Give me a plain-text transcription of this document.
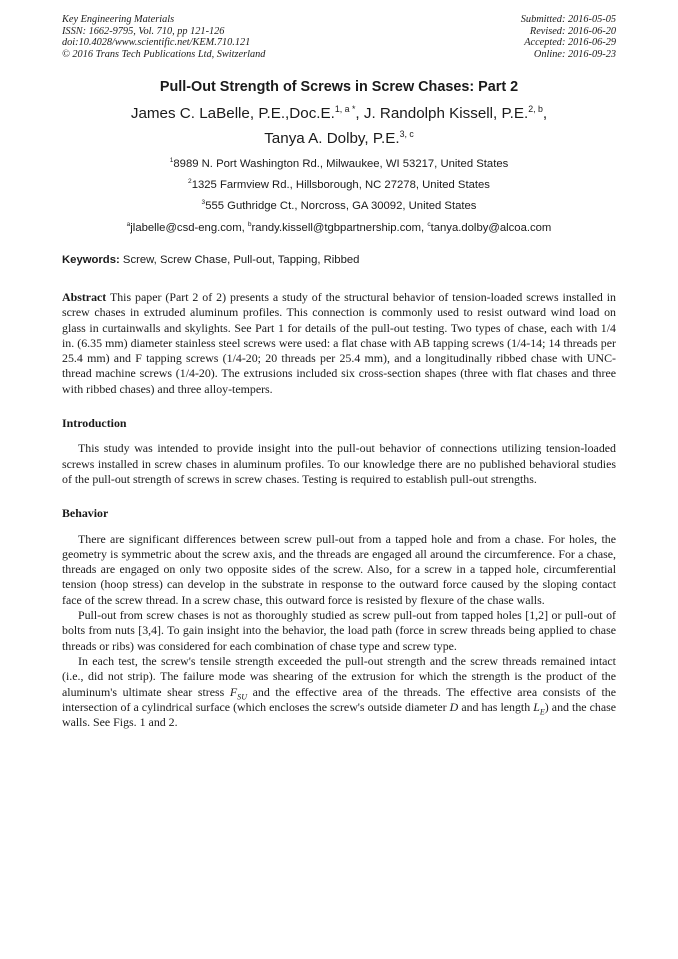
Key Engineering Materials
ISSN: 1662-9795, Vol. 710, pp 121-126
doi:10.4028/www.scientific.net/KEM.710.121
© 2016 Trans Tech Publications Ltd, Switzerland
Submitted: 2016-05-05
Revised: 2016-06-20
Accepted: 2016-06-29
Online: 2016-09-23
Pull-Out Strength of Screws in Screw Chases: Part 2
James C. LaBelle, P.E.,Doc.E.$^{1, a *}$, J. Randolph Kissell, P.E.$^{2, b}$,
Tanya A. Dolby, P.E.$^{3, c}$
$^1$8989 N. Port Washington Rd., Milwaukee, WI 53217, United States
$^2$1325 Farmview Rd., Hillsborough, NC 27278, United States
$^3$555 Guthridge Ct., Norcross, GA 30092, United States
$^a$jlabelle@csd-eng.com, $^b$randy.kissell@tgbpartnership.com, $^c$tanya.dolby@alcoa.com
Keywords: Screw, Screw Chase, Pull-out, Tapping, Ribbed

Abstract This paper (Part 2 of 2) presents a study of the structural behavior of tension-loaded screws installed in screw chases in extruded aluminum profiles. This connection is commonly used to resist outward wind load on glass in curtainwalls and skylights. See Part 1 for details of the pull-out testing. Two types of chase, each with 1/4 in. (6.35 mm) diameter stainless steel screws were used: a flat chase with AB tapping screws (1/4-14; 14 threads per 25.4 mm) and F tapping screws (1/4-20; 20 threads per 25.4 mm), and a longitudinally ribbed chase with UNC-thread machine screws (1/4-20). The extrusions included six cross-section shapes (three with flat chases and three with ribbed chases) and three alloy-tempers.

Introduction

This study was intended to provide insight into the pull-out behavior of connections utilizing tension-loaded screws installed in screw chases in aluminum profiles. To our knowledge there are no published behavioral studies of the pull-out strength of screws in screw chases. Testing is required to establish pull-out strengths.

Behavior

There are significant differences between screw pull-out from a tapped hole and from a chase. For holes, the geometry is symmetric about the screw axis, and the threads are engaged all around the circumference. For a chase, threads are engaged on only two opposite sides of the screw. Also, for a screw in a tapped hole, circumferential tension (hoop stress) can develop in the substrate in response to the outward force caused by the sloping contact face of the screw thread. In a screw chase, this outward force is resisted by flexure of the chase walls.

Pull-out from screw chases is not as thoroughly studied as screw pull-out from tapped holes [1,2] or pull-out of bolts from nuts [3,4]. To gain insight into the behavior, the load path (force in screw threads being applied to chase threads or ribs) was considered for each combination of chase type and screw type.

In each test, the screw's tensile strength exceeded the pull-out strength and the screw threads remained intact (i.e., did not strip). The failure mode was shearing of the extrusion for which the strength is the product of the aluminum's ultimate shear stress $F_{SU}$ and the effective area of the threads. The effective area consists of the intersection of a cylindrical surface (which encloses the screw's outside diameter D and has length $L_E$) and the chase walls. See Figs. 1 and 2.
